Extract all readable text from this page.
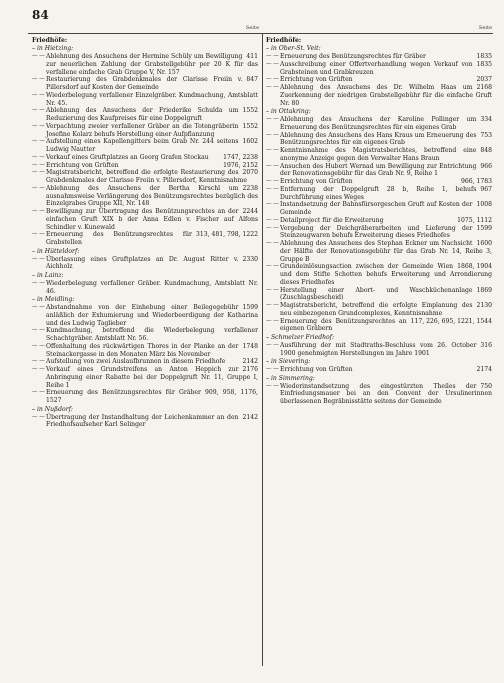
84
Seite	Seite
Friedhöfe:
– in Hietzing:
— —	411
Ablehnung des Ansuchens der Hermine Schüly um Bewilligung zur neuerlichen Zahlung der Grabstellgebühr per 20 K für das verfallene einfache Grab Gruppe V, Nr. 157
— —	847
Restaurierung des Grabdenkmales der Clarisse Freiin v. Pillersdorf auf Kosten der Gemeinde
— — Wiederbelegung verfallener Einzelgräber. Kundmachung, Amtsblatt Nr. 45.
— —	1552
Ablehnung des Ansuchens der Friederike Schulda um Reduzierung des Kaufpreises für eine Doppelgruft
— —	1552
Verpachtung zweier verfallener Gräber an die Totengräberin Josefine Kolarz behufs Herstellung einer Aufpflanzung
— —	1602
Aufstellung eines Kapellengitters beim Grab Nr. 244 seitens Ludwig Nautter
— —	1747, 2238
Verkauf eines Gruftplatzes an Georg Grafen Stockau
— —	1976, 2152
Errichtung von Grüften
— —	2070
Magistratsbericht, betreffend die erfolgte Restaurierung des Grabdenkmales der Clarisse Freiin v. Pillersdorf, Kenntnisnahme
— —	2238
Ablehnung des Ansuchens der Bertha Kirschl um ausnahmsweise Verlängerung des Benützungsrechtes bezüglich des Einzelgrabes Gruppe XII, Nr. 148
— —	2244
Bewilligung zur Übertragung des Benützungsrechtes an der einfachen Gruft XIX b der Anna Edlen v. Fischer auf Alfons Schindler v. Kunewald
— —	313, 481, 798, 1222
Erneuerung des Benützungsrechtes für Grabstellen
– in Hütteldorf:
— —	2330
Überlassung eines Gruftplatzes an Dr. August Ritter v. Aichholz
– in Lainz:
— — Wiederbelegung verfallener Gräber. Kundmachung, Amtsblatt Nr. 46.
– in Meidling:
— —	1599
Abstandnahme von der Einhebung einer Beilegegebühr anläßlich der Exhumierung und Wiederbeerdigung der Katharina und des Ludwig Taglieber
— — Kundmachung, betreffend die Wiederbelegung verfallener Schachtgräber. Amtsblatt Nr. 56.
— —	1748
Offenhaltung des rückwärtigen Thores in der Planke an der Steinackergasse in den Monaten März bis November
— —	2142
Aufstellung von zwei Auslaufbrunnen in diesem Friedhofe
— —	2176
Verkauf eines Grundstreifens an Anton Heppich zur Anbringung einer Rabatte bei der Doppelgruft Nr. 11, Gruppe I, Reihe 1
— — Erneuerung des Benützungsrechtes für Gräber 909, 958, 1176, 1527
– in Nußdorf:
— —	2142
Übertragung der Instandhaltung der Leichenkammer an den Friedhofsaufseher Karl Selinger
Friedhöfe:
– in Ober-St. Veit:
— —	1835
Erneuerung des Benützungsrechtes für Gräber
— —	1835
Ausschreibung einer Offertverhandlung wegen Verkauf von Grabsteinen und Grabkreuzen
— —	2037
Errichtung von Grüften
— —	2168
Ablehnung des Ansuchens des Dr. Wilhelm Haas um Zuerkennung der niedrigen Grabstellgebühr für die einfache Gruft Nr. 80
– in Ottakring:
— —	334
Ablehnung des Ansuchens der Karoline Pollinger um Erneuerung des Benützungsrechtes für ein eigenes Grab
— —	753
Ablehnung des Ansuchens des Hans Kraus um Erneuerung des Benützungsrechtes für ein eigenes Grab
— —	848
Kenntnisnahme des Magistratsberichtes, betreffend eine anonyme Anzeige gegen den Verwalter Hans Braun
— —	966
Ansuchen des Hubert Wernad um Bewilligung zur Entrichtung der Renovationsgebühr für das Grab Nr. 9, Reihe 1
— —	966, 1783
Errichtung von Grüften
— —	967
Entfernung der Doppelgruft 28 b, Reihe 1, behufs Durchführung eines Weges
— —	1008
Instandsetzung der Bahnsfürsorgeschen Gruft auf Kosten der Gemeinde
— —	1075, 1112
Detailproject für die Erweiterung
— —	1599
Vergebung der Deichgräberarbeiten und Lieferung der Steinzeugwaren behufs Erweiterung dieses Friedhofes
— —	1600
Ablehnung des Ansuchens des Stephan Eckner um Nachsicht der Hälfte der Renovationsgebühr für das Grab Nr. 14, Reihe 3, Gruppe B
— —	1868, 1904
Grundeinlösungsaction zwischen der Gemeinde Wien und dem Stifte Schotten behufs Erweiterung und Arrondierung dieses Friedhofes
— —	1869
Herstellung einer Abort- und Waschküchenanlage (Zuschlagsbescheid)
— —	2130
Magistratsbericht, betreffend die erfolgte Einplanung des neu einbezogenen Grundcomplexes, Kenntnisnahme
— —	117, 226, 695, 1221, 1544
Erneuerung des Benützungsrechtes an eigenen Gräbern
– Schmelzer Friedhof:
— —	316
Ausführung der mit Stadtraths-Beschluss vom 26. October 1900 genehmigten Herstellungen im Jahre 1901
– in Sievering:
— —	2174
Errichtung von Grüften
– in Simmering:
— —	750
Wiederinstandsetzung des eingestürzten Theiles der Einfriedungsmauer bei an den Convent der Ursulinerinnen überlassenen Begräbnisstätte seitens der Gemeinde
